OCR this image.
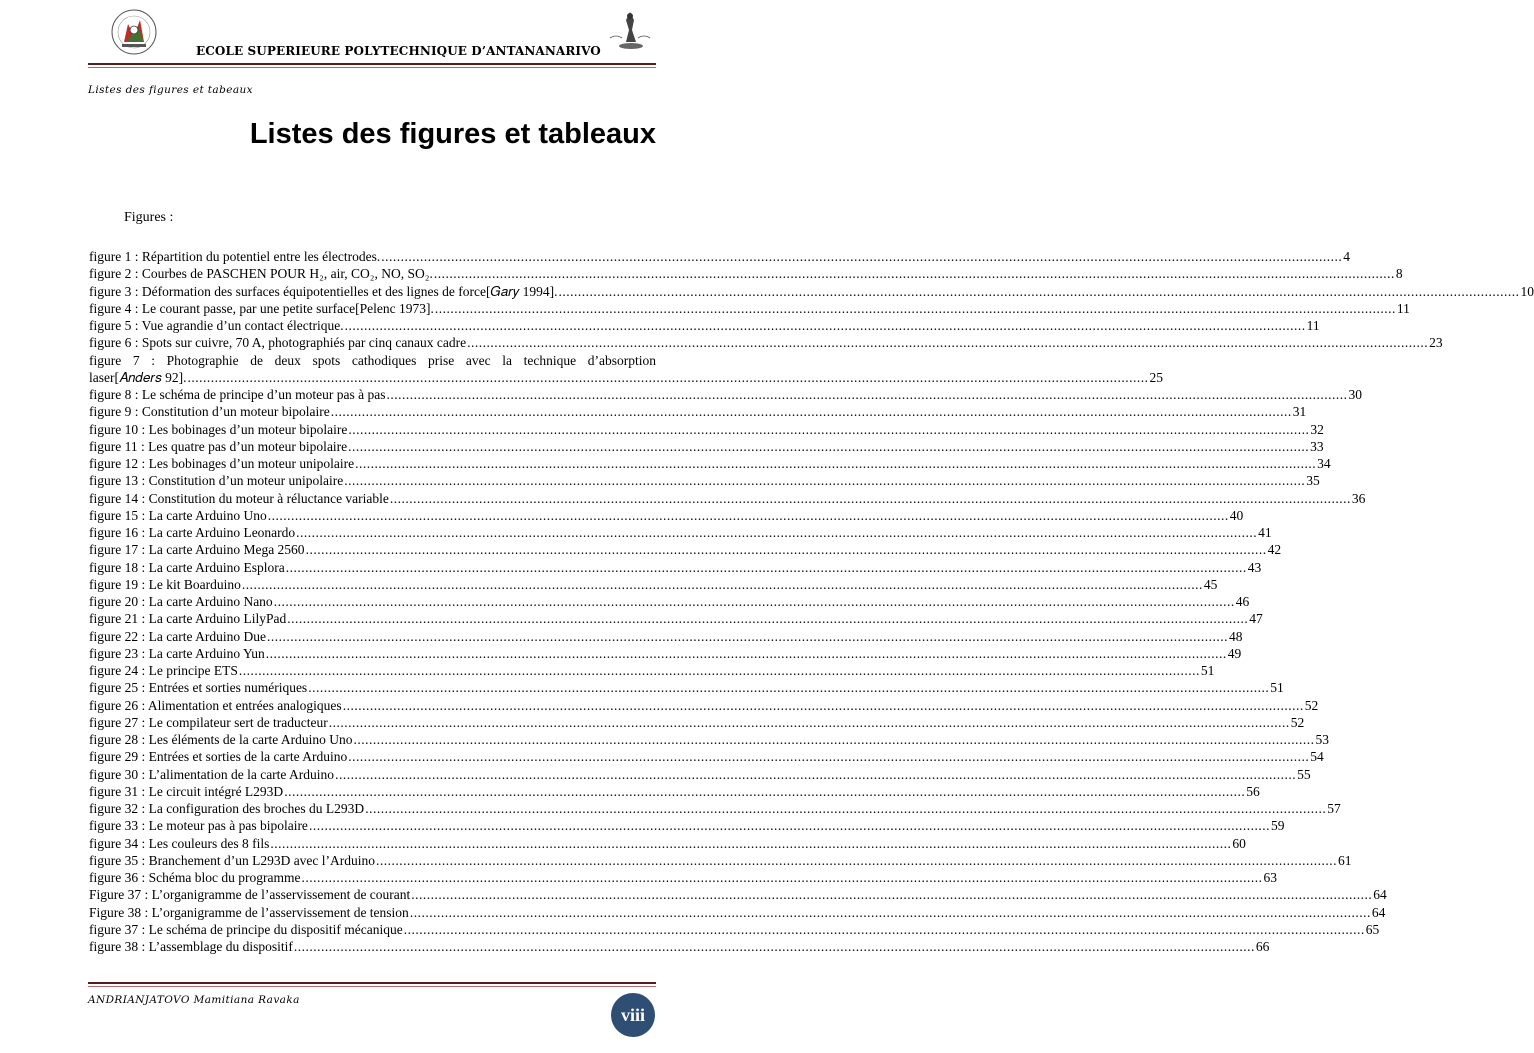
ECOLE SUPERIEURE POLYTECHNIQUE D’ANTANANARIVO
Listes des figures et tabeaux
Listes des figures et tableaux
Figures :
figure 1 : Répartition du potentiel entre les électrodes. .....	4
figure 2 : Courbes de PASCHEN POUR H₂, air, CO₂, NO, SO₂. .....	8
figure 3 : Déformation des surfaces équipotentielles et des lignes de force[𝐺𝑎𝑟𝑦 1994]. .....	10
figure 4 : Le courant passe, par une petite surface[Pelenc 1973]. .....	11
figure 5 : Vue agrandie d’un contact électrique. .....	11
figure 6 : Spots sur cuivre, 70 A, photographiés par cinq canaux cadre .....	23
figure 7 : Photographie de deux spots cathodiques prise avec la technique d’absorption
laser[𝐴𝑛𝑑𝑒𝑟𝑠 92]. .....	25
figure 8 : Le schéma de principe d’un moteur pas à pas .....	30
figure 9 : Constitution d’un moteur bipolaire .....	31
figure 10 : Les bobinages d’un moteur bipolaire .....	32
figure 11 : Les quatre pas d’un moteur bipolaire .....	33
figure 12 : Les bobinages d’un moteur unipolaire .....	34
figure 13 : Constitution d’un moteur unipolaire .....	35
figure 14 : Constitution du moteur à réluctance variable .....	36
figure 15 : La carte Arduino Uno .....	40
figure 16 : La carte Arduino Leonardo .....	41
figure 17 : La carte Arduino Mega 2560 .....	42
figure 18 : La carte Arduino Esplora .....	43
figure 19 : Le kit Boarduino .....	45
figure 20 : La carte Arduino Nano .....	46
figure 21 : La carte Arduino LilyPad .....	47
figure 22 : La carte Arduino Due .....	48
figure 23 : La carte Arduino Yun .....	49
figure 24 : Le principe ETS .....	51
figure 25 : Entrées et sorties numériques .....	51
figure 26 : Alimentation et entrées analogiques .....	52
figure 27 : Le compilateur sert de traducteur .....	52
figure 28 : Les éléments de la carte Arduino Uno .....	53
figure 29 : Entrées et sorties de la carte Arduino .....	54
figure 30 : L’alimentation de la carte Arduino .....	55
figure 31 : Le circuit intégré L293D .....	56
figure 32 : La configuration des broches du L293D .....	57
figure 33 : Le moteur pas à pas bipolaire .....	59
figure 34 : Les couleurs des 8 fils .....	60
figure 35 : Branchement d’un L293D avec l’Arduino .....	61
figure 36 : Schéma bloc du programme .....	63
Figure 37 : L’organigramme de l’asservissement de courant .....	64
Figure 38 : L’organigramme de l’asservissement de tension .....	64
figure 37 : Le schéma de principe du dispositif mécanique .....	65
figure 38 : L’assemblage du dispositif .....	66
ANDRIANJATOVO Mamitiana Ravaka
viii
